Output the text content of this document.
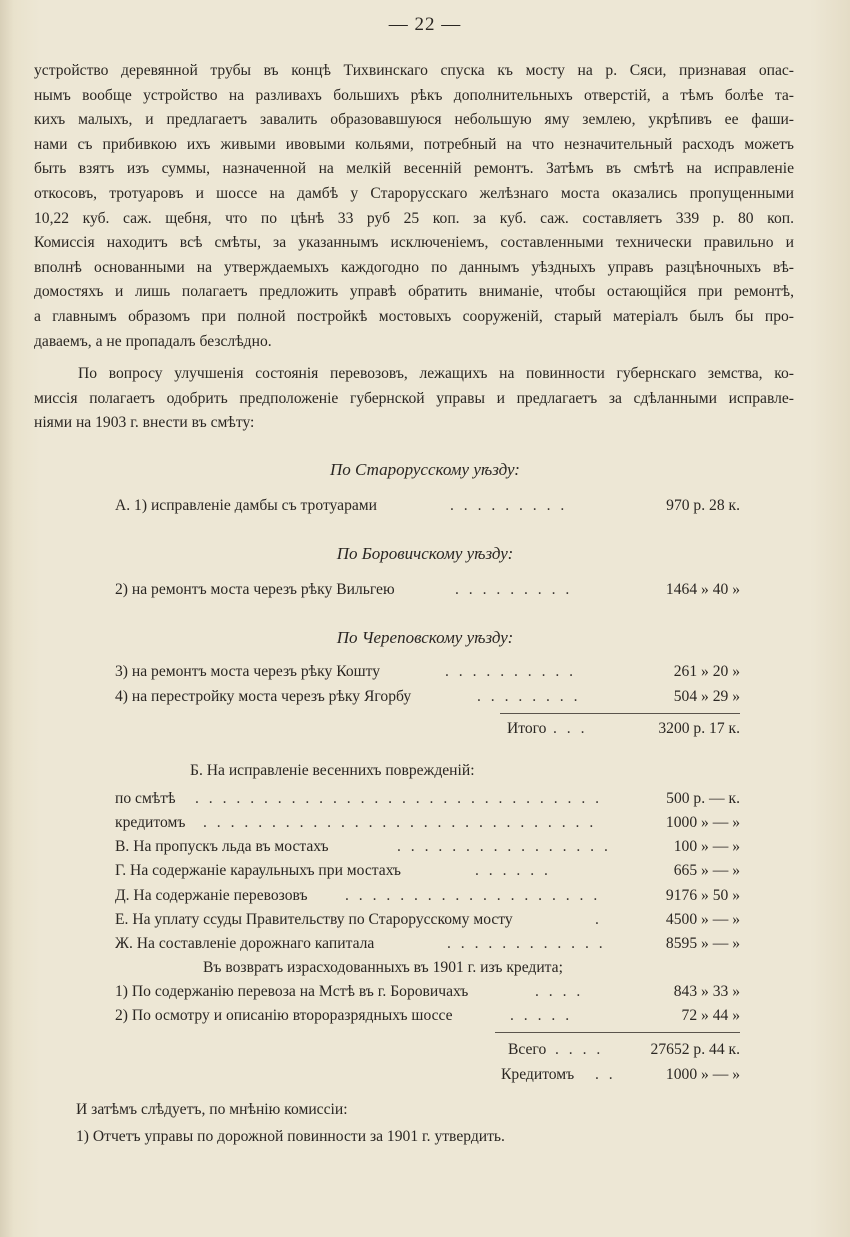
— 22 —
устройство деревянной трубы въ концѣ Тихвинскаго спуска къ мосту на р. Сяси, признавая опас-
нымъ вообще устройство на разливахъ большихъ рѣкъ дополнительныхъ отверстій, а тѣмъ болѣе та-
кихъ малыхъ, и предлагаетъ завалить образовавшуюся небольшую яму землею, укрѣпивъ ее фаши-
нами съ прибивкою ихъ живыми ивовыми кольями, потребный на что незначительный расходъ можетъ
быть взятъ изъ суммы, назначенной на мелкій весенній ремонтъ. Затѣмъ въ смѣтѣ на исправленіе
откосовъ, тротуаровъ и шоссе на дамбѣ у Старорусскаго желѣзнаго моста оказались пропущенными
10,22 куб. саж. щебня, что по цѣнѣ 33 руб 25 коп. за куб. саж. составляетъ 339 р. 80 коп.
Комиссія находитъ всѣ смѣты, за указаннымъ исключеніемъ, составленными технически правильно и
вполнѣ основанными на утверждаемыхъ каждогодно по даннымъ уѣздныхъ управъ разцѣночныхъ вѣ-
домостяхъ и лишь полагаетъ предложить управѣ обратить вниманіе, чтобы остающійся при ремонтѣ,
а главнымъ образомъ при полной постройкѣ мостовыхъ сооруженій, старый матеріалъ былъ бы про-
даваемъ, а не пропадалъ безслѣдно.
По вопросу улучшенія состоянія перевозовъ, лежащихъ на повинности губернскаго земства, ко-
миссія полагаетъ одобрить предположеніе губернской управы и предлагаетъ за сдѣланными исправле-
ніями на 1903 г. внести въ смѣту:
По Старорусскому уѣзду:
А. 1) исправленіе дамбы съ тротуарами	. . . . . . . . .	970 р. 28 к.
По Боровичскому уѣзду:
2) на ремонтъ моста черезъ рѣку Вильгею	. . . . . . . . .	1464 » 40 »
По Череповскому уѣзду:
3) на ремонтъ моста черезъ рѣку Кошту	. . . . . . . . . .	261 » 20 »
4) на перестройку моста черезъ рѣку Ягорбу	. . . . . . . .	504 » 29 »
Итого . . .	3200 р. 17 к.
Б. На исправленіе весеннихъ поврежденій:
по смѣтѣ . . . . . . . . . . . . . . . . . . . . . . . . . . . . . .	500 р. — к.
кредитомъ . . . . . . . . . . . . . . . . . . . . . . . . . . . . .	1000 » — »
В. На пропускъ льда въ мостахъ	. . . . . . . . . . . . . . . .	100 » — »
Г. На содержаніе караульныхъ при мостахъ	. . . . . .	665 » — »
Д. На содержаніе перевозовъ . . . . . . . . . . . . . . . . . . .	9176 » 50 »
Е. На уплату ссуды Правительству по Старорусскому мосту	.	4500 » — »
Ж. На составленіе дорожнаго капитала	. . . . . . . . . . . .	8595 » — »
Въ возвратъ израсходованныхъ въ 1901 г. изъ кредита;
1) По содержанію перевоза на Мстѣ въ г. Боровичахъ	. . . .	843 » 33 »
2) По осмотру и описанію второразрядныхъ шоссе	. . . . .	72 » 44 »
Всего . . . .	27652 р. 44 к.
Кредитомъ . .	1000 » — »
И затѣмъ слѣдуетъ, по мнѣнію комиссіи:
1) Отчетъ управы по дорожной повинности за 1901 г. утвердить.
